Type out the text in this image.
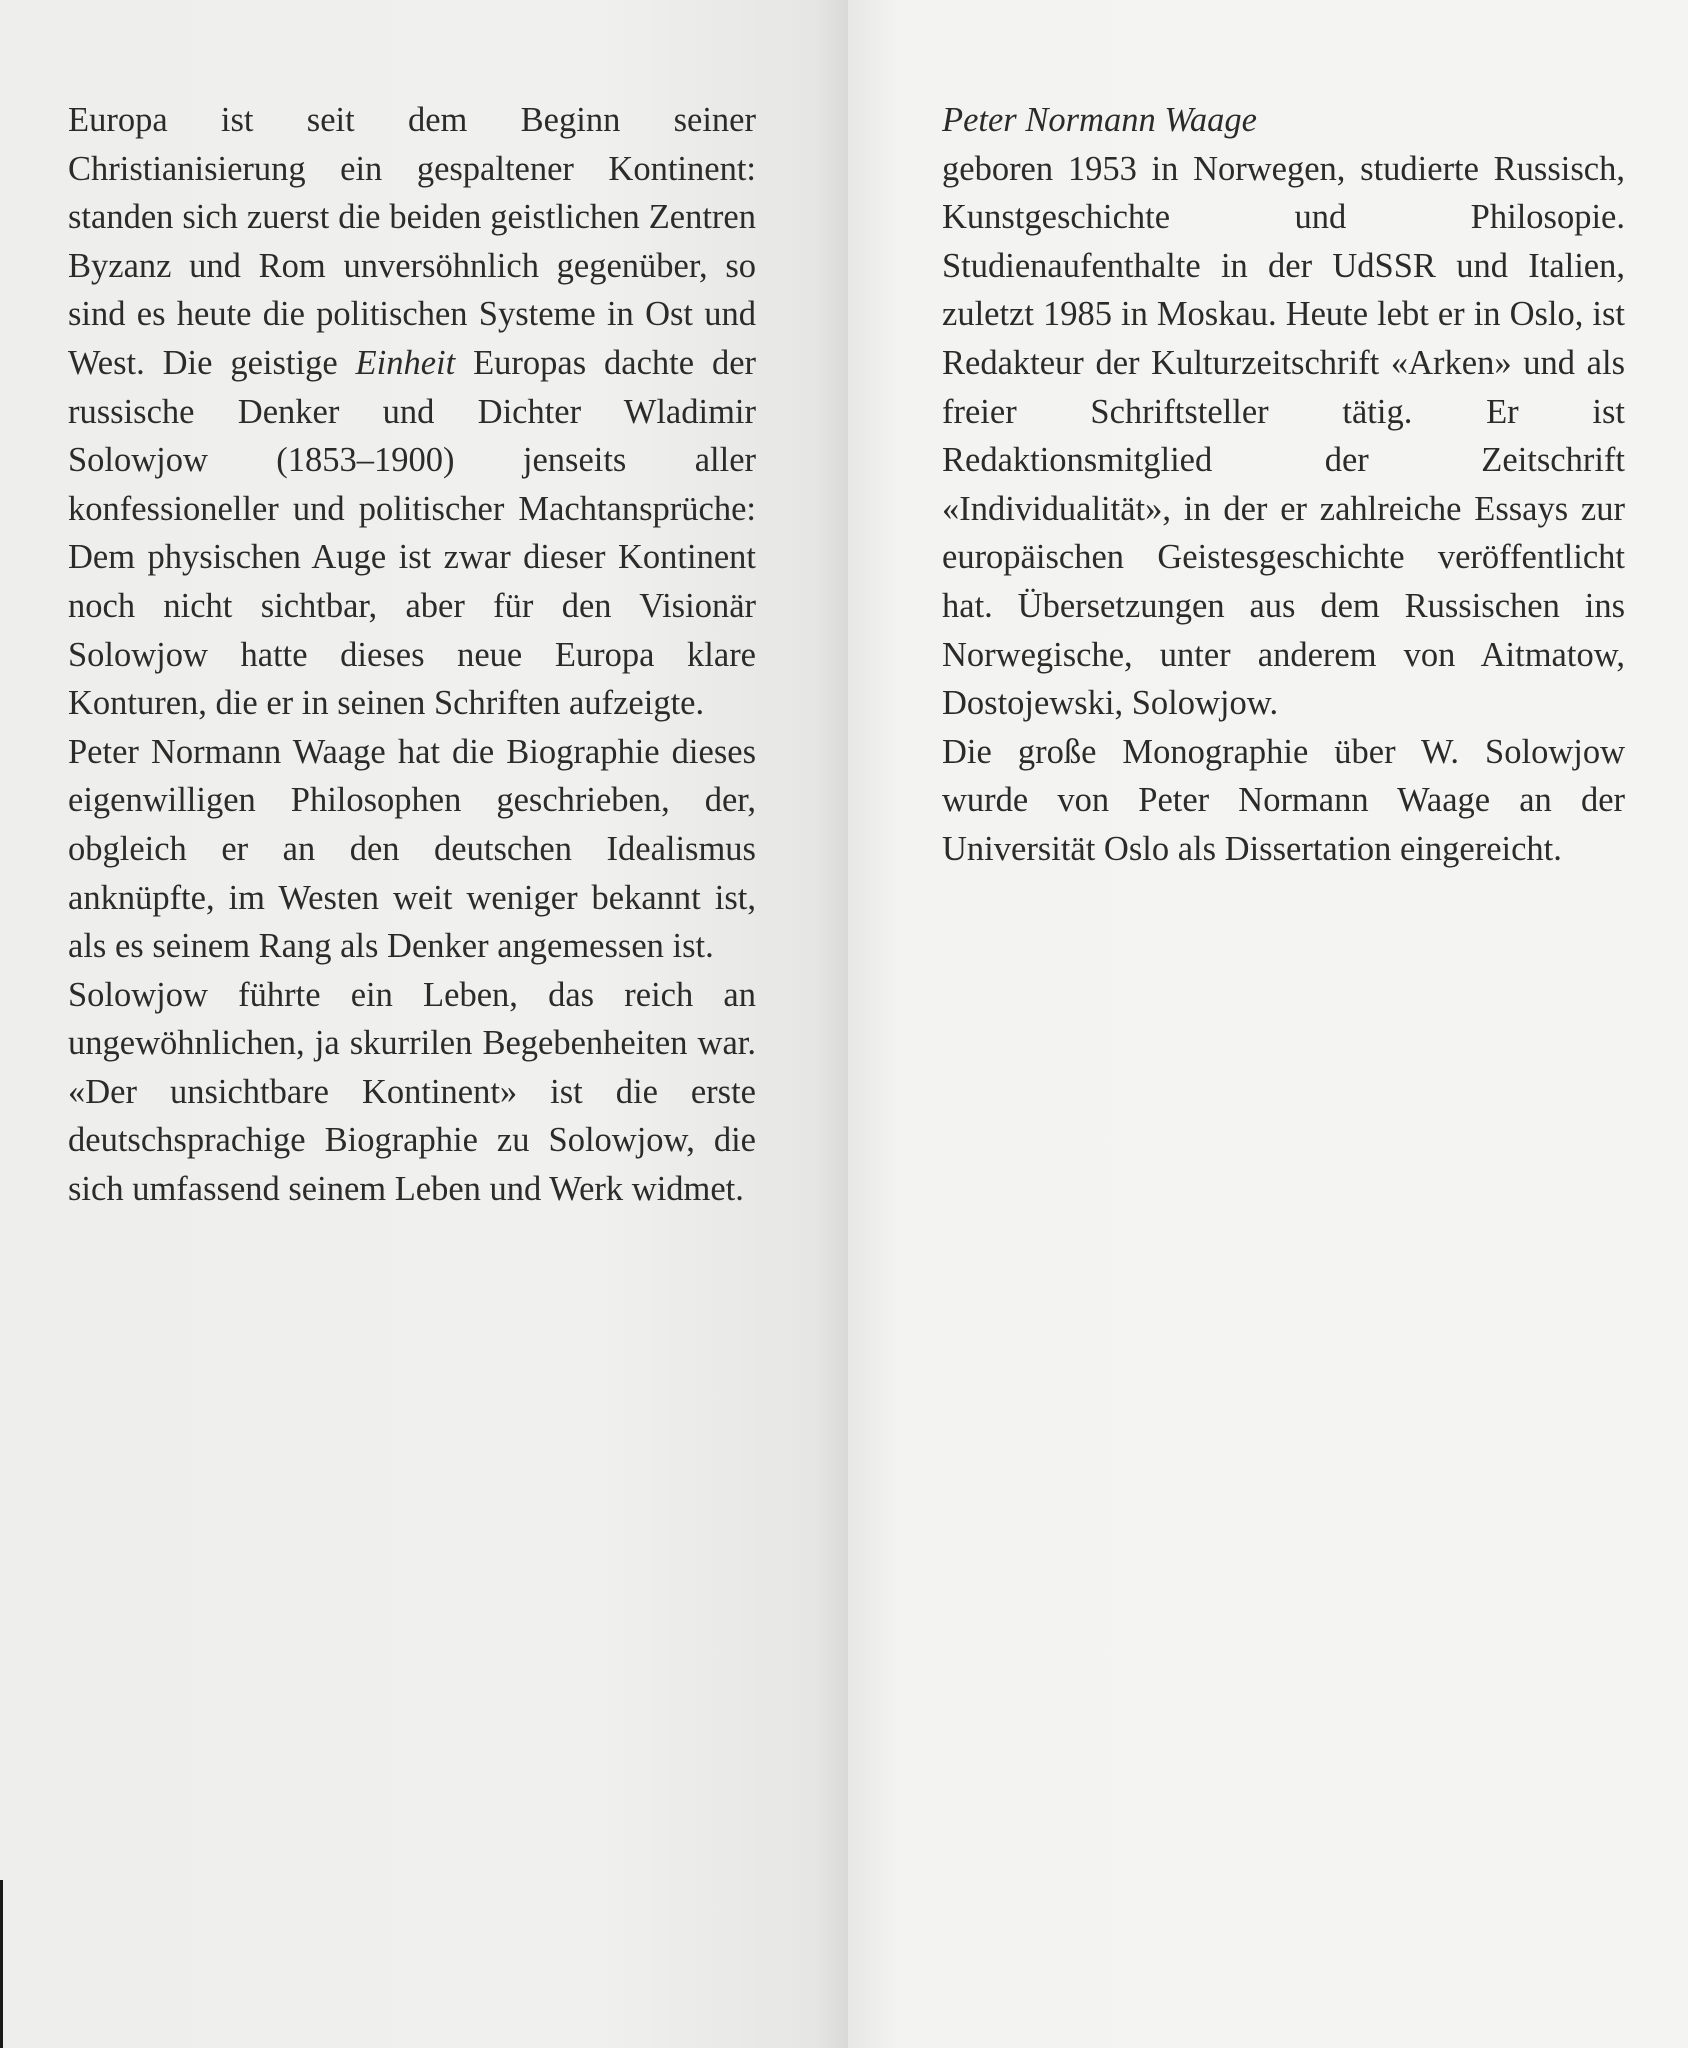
Europa ist seit dem Beginn seiner Christianisierung ein gespaltener Kontinent: standen sich zuerst die beiden geistlichen Zentren Byzanz und Rom unversöhnlich gegenüber, so sind es heute die politischen Systeme in Ost und West. Die geistige Einheit Europas dachte der russische Denker und Dichter Wladimir Solowjow (1853–1900) jenseits aller konfessioneller und politischer Machtansprüche: Dem physischen Auge ist zwar dieser Kontinent noch nicht sichtbar, aber für den Visionär Solowjow hatte dieses neue Europa klare Konturen, die er in seinen Schriften aufzeigte.

Peter Normann Waage hat die Biographie dieses eigenwilligen Philosophen geschrieben, der, obgleich er an den deutschen Idealismus anknüpfte, im Westen weit weniger bekannt ist, als es seinem Rang als Denker angemessen ist.

Solowjow führte ein Leben, das reich an ungewöhnlichen, ja skurrilen Begebenheiten war. «Der unsichtbare Kontinent» ist die erste deutschsprachige Biographie zu Solowjow, die sich umfassend seinem Leben und Werk widmet.

Peter Normann Waage

geboren 1953 in Norwegen, studierte Russisch, Kunstgeschichte und Philosopie. Studienaufenthalte in der UdSSR und Italien, zuletzt 1985 in Moskau. Heute lebt er in Oslo, ist Redakteur der Kulturzeitschrift «Arken» und als freier Schriftsteller tätig. Er ist Redaktionsmitglied der Zeitschrift «Individualität», in der er zahlreiche Essays zur europäischen Geistesgeschichte veröffentlicht hat. Übersetzungen aus dem Russischen ins Norwegische, unter anderem von Aitmatow, Dostojewski, Solowjow.

Die große Monographie über W. Solowjow wurde von Peter Normann Waage an der Universität Oslo als Dissertation eingereicht.
